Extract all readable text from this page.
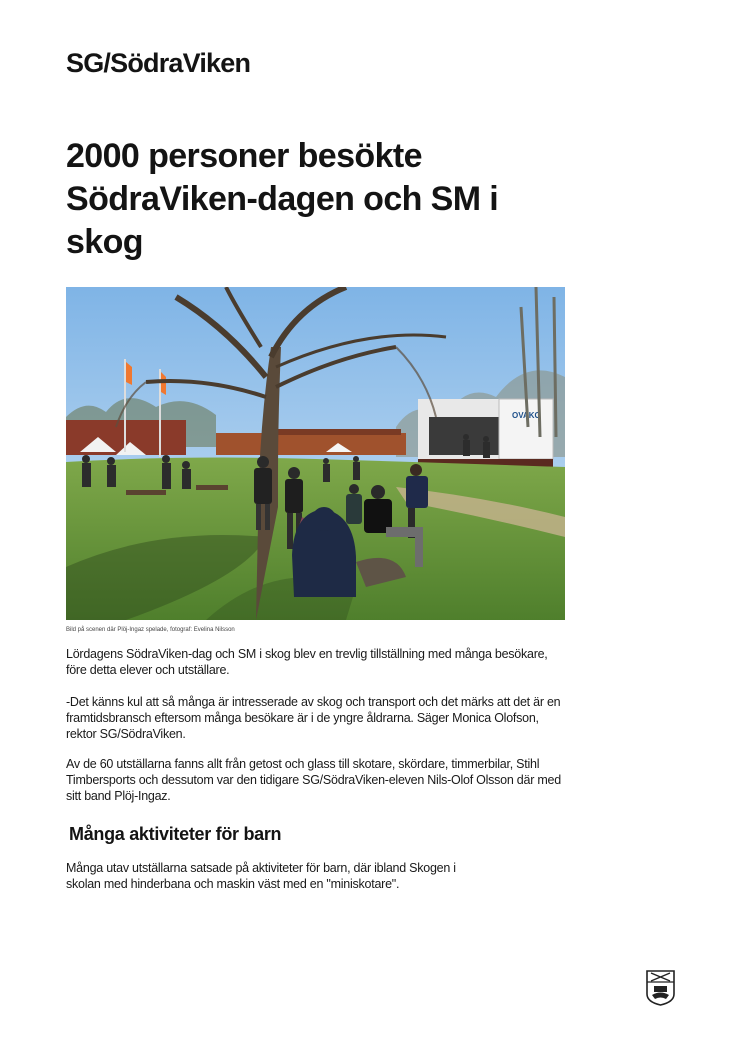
SG/SödraViken
2000 personer besökte SödraViken-dagen och SM i skog
OVAKO
Bild på scenen där Plöj-Ingaz spelade, fotograf: Evelina Nilsson

Lördagens SödraViken-dag och SM i skog blev en trevlig tillställning med många besökare, före detta elever och utställare.

-Det känns kul att så många är intresserade av skog och transport och det märks att det är en framtidsbransch eftersom många besökare är i de yngre åldrarna. Säger Monica Olofson, rektor SG/SödraViken.

Av de 60 utställarna fanns allt från getost och glass till skotare, skördare, timmerbilar, Stihl Timbersports och dessutom var den tidigare SG/SödraViken-eleven Nils-Olof Olsson där med sitt band Plöj-Ingaz.

Många aktiviteter för barn

Många utav utställarna satsade på aktiviteter för barn, där ibland Skogen i skolan med hinderbana och maskin väst med en "miniskotare".
